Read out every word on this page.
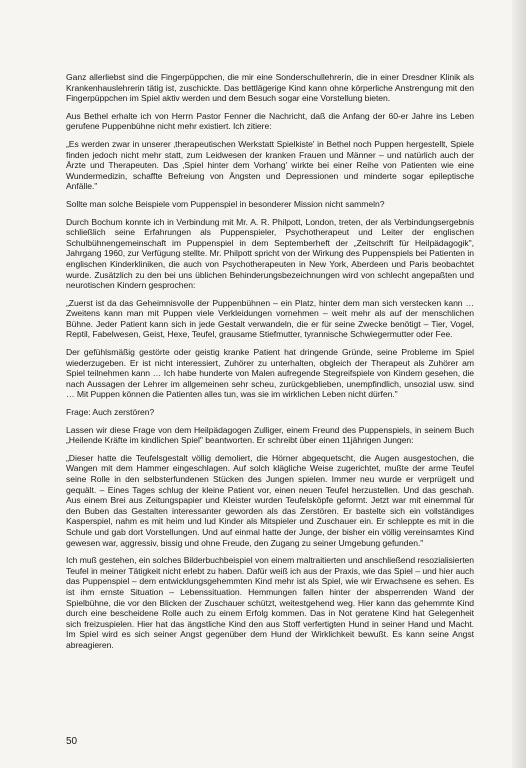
Ganz allerliebst sind die Fingerpüppchen, die mir eine Sonderschullehrerin, die in einer Dresdner Klinik als Krankenhauslehrerin tätig ist, zuschickte. Das bettlägerige Kind kann ohne körperliche Anstrengung mit den Fingerpüppchen im Spiel aktiv werden und dem Besuch sogar eine Vorstellung bieten.

Aus Bethel erhalte ich von Herrn Pastor Fenner die Nachricht, daß die Anfang der 60-er Jahre ins Leben gerufene Puppenbühne nicht mehr existiert. Ich zitiere:

„Es werden zwar in unserer ‚therapeutischen Werkstatt Spielkiste' in Bethel noch Puppen hergestellt, Spiele finden jedoch nicht mehr statt, zum Leidwesen der kranken Frauen und Männer – und natürlich auch der Ärzte und Therapeuten. Das ‚Spiel hinter dem Vorhang' wirkte bei einer Reihe von Patienten wie eine Wundermedizin, schaffte Befreiung von Ängsten und Depressionen und minderte sogar epileptische Anfälle."

Sollte man solche Beispiele vom Puppenspiel in besonderer Mission nicht sammeln?

Durch Bochum konnte ich in Verbindung mit Mr. A. R. Philpott, London, treten, der als Verbindungsergebnis schließlich seine Erfahrungen als Puppenspieler, Psychotherapeut und Leiter der englischen Schulbühnengemeinschaft im Puppenspiel in dem Septemberheft der „Zeitschrift für Heilpädagogik", Jahrgang 1960, zur Verfügung stellte. Mr. Philpott spricht von der Wirkung des Puppenspiels bei Patienten in englischen Kinderkliniken, die auch von Psychotherapeuten in New York, Aberdeen und Paris beobachtet wurde. Zusätzlich zu den bei uns üblichen Behinderungsbezeichnungen wird von schlecht angepaßten und neurotischen Kindern gesprochen:

„Zuerst ist da das Geheimnisvolle der Puppenbühnen – ein Platz, hinter dem man sich verstecken kann … Zweitens kann man mit Puppen viele Verkleidungen vornehmen – weit mehr als auf der menschlichen Bühne. Jeder Patient kann sich in jede Gestalt verwandeln, die er für seine Zwecke benötigt – Tier, Vogel, Reptil, Fabelwesen, Geist, Hexe, Teufel, grausame Stiefmutter, tyrannische Schwiegermutter oder Fee.

Der gefühlsmäßig gestörte oder geistig kranke Patient hat dringende Gründe, seine Probleme im Spiel wiederzugeben. Er ist nicht interessiert, Zuhörer zu unterhalten, obgleich der Therapeut als Zuhörer am Spiel teilnehmen kann … Ich habe hunderte von Malen aufregende Stegreifspiele von Kindern gesehen, die nach Aussagen der Lehrer im allgemeinen sehr scheu, zurückgeblieben, unempfindlich, unsozial usw. sind … Mit Puppen können die Patienten alles tun, was sie im wirklichen Leben nicht dürfen."

Frage: Auch zerstören?

Lassen wir diese Frage von dem Heilpädagogen Zulliger, einem Freund des Puppenspiels, in seinem Buch „Heilende Kräfte im kindlichen Spiel" beantworten. Er schreibt über einen 11jährigen Jungen:

„Dieser hatte die Teufelsgestalt völlig demoliert, die Hörner abgequetscht, die Augen ausgestochen, die Wangen mit dem Hammer eingeschlagen. Auf solch klägliche Weise zugerichtet, mußte der arme Teufel seine Rolle in den selbsterfundenen Stücken des Jungen spielen. Immer neu wurde er verprügelt und gequält. – Eines Tages schlug der kleine Patient vor, einen neuen Teufel herzustellen. Und das geschah. Aus einem Brei aus Zeitungspapier und Kleister wurden Teufelsköpfe geformt. Jetzt war mit einemmal für den Buben das Gestalten interessanter geworden als das Zerstören. Er bastelte sich ein vollständiges Kasperspiel, nahm es mit heim und lud Kinder als Mitspieler und Zuschauer ein. Er schleppte es mit in die Schule und gab dort Vorstellungen. Und auf einmal hatte der Junge, der bisher ein völlig vereinsamtes Kind gewesen war, aggressiv, bissig und ohne Freude, den Zugang zu seiner Umgebung gefunden."

Ich muß gestehen, ein solches Bilderbuchbeispiel von einem maltraitierten und anschließend resozialisierten Teufel in meiner Tätigkeit nicht erlebt zu haben. Dafür weiß ich aus der Praxis, wie das Spiel – und hier auch das Puppenspiel – dem entwicklungsgehemmten Kind mehr ist als Spiel, wie wir Erwachsene es sehen. Es ist ihm ernste Situation – Lebenssituation. Hemmungen fallen hinter der absperrenden Wand der Spielbühne, die vor den Blicken der Zuschauer schützt, weitestgehend weg. Hier kann das gehemmte Kind durch eine bescheidene Rolle auch zu einem Erfolg kommen. Das in Not geratene Kind hat Gelegenheit sich freizuspielen. Hier hat das ängstliche Kind den aus Stoff verfertigten Hund in seiner Hand und Macht. Im Spiel wird es sich seiner Angst gegenüber dem Hund der Wirklichkeit bewußt. Es kann seine Angst abreagieren.

50
